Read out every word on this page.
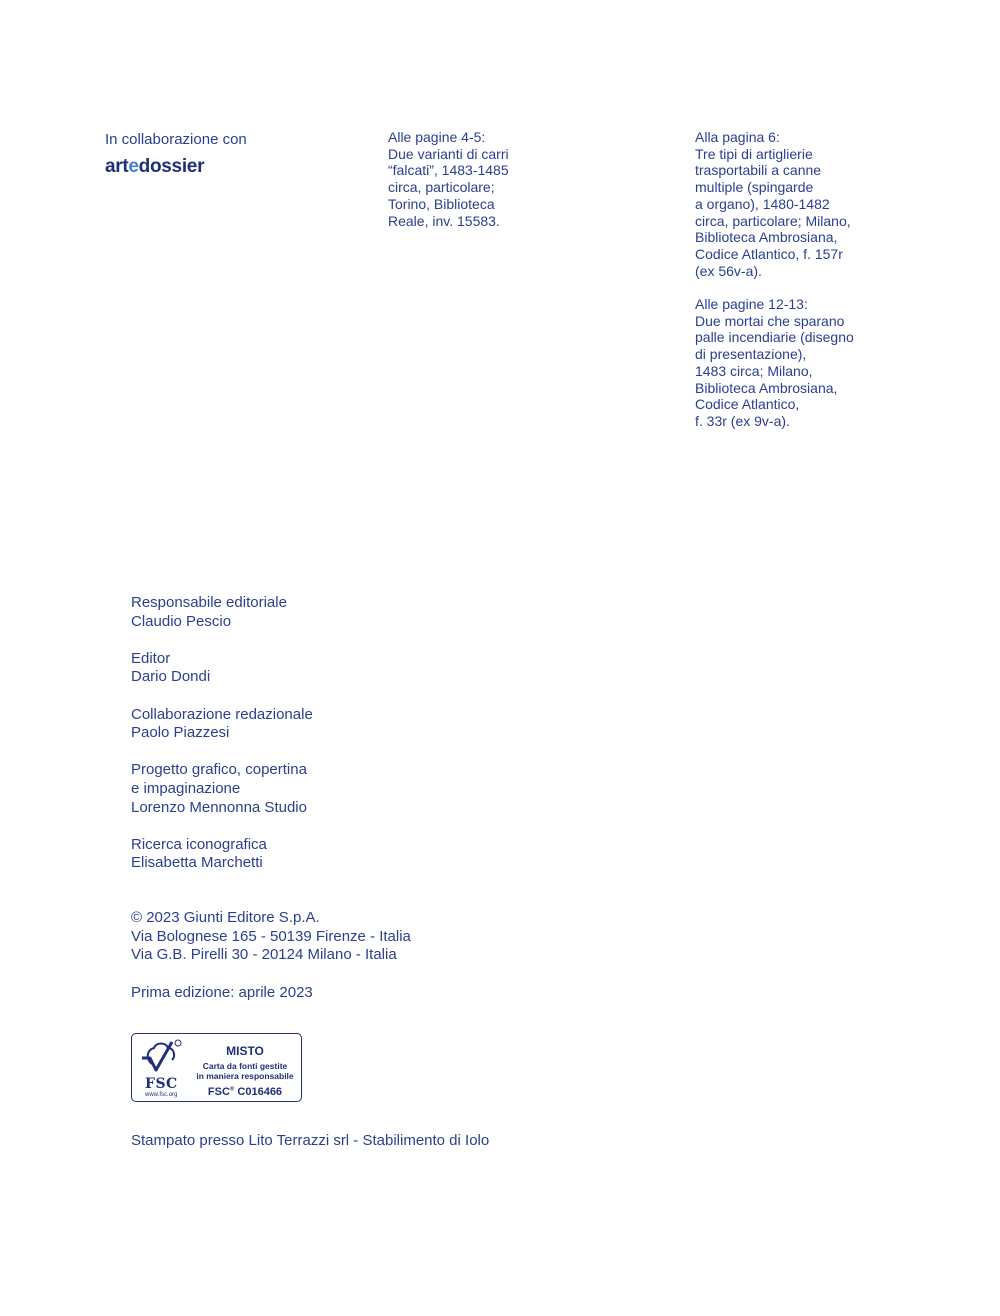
In collaborazione con
artedossier

Alle pagine 4-5:
Due varianti di carri
“falcati”, 1483-1485
circa, particolare;
Torino, Biblioteca
Reale, inv. 15583.

Alla pagina 6:
Tre tipi di artiglierie
trasportabili a canne
multiple (spingarde
a organo), 1480-1482
circa, particolare; Milano,
Biblioteca Ambrosiana,
Codice Atlantico, f. 157r
(ex 56v-a).

Alle pagine 12-13:
Due mortai che sparano
palle incendiarie (disegno
di presentazione),
1483 circa; Milano,
Biblioteca Ambrosiana,
Codice Atlantico,
f. 33r (ex 9v-a).

Responsabile editoriale
Claudio Pescio
Editor
Dario Dondi
Collaborazione redazionale
Paolo Piazzesi
Progetto grafico, copertina
e impaginazione
Lorenzo Mennonna Studio
Ricerca iconografica
Elisabetta Marchetti
© 2023 Giunti Editore S.p.A.
Via Bolognese 165 - 50139 Firenze - Italia
Via G.B. Pirelli 30 - 20124 Milano - Italia
Prima edizione: aprile 2023
FSC
www.fsc.org
MISTO
Carta da fonti gestite
in maniera responsabile
FSC® C016466
Stampato presso Lito Terrazzi srl - Stabilimento di Iolo
